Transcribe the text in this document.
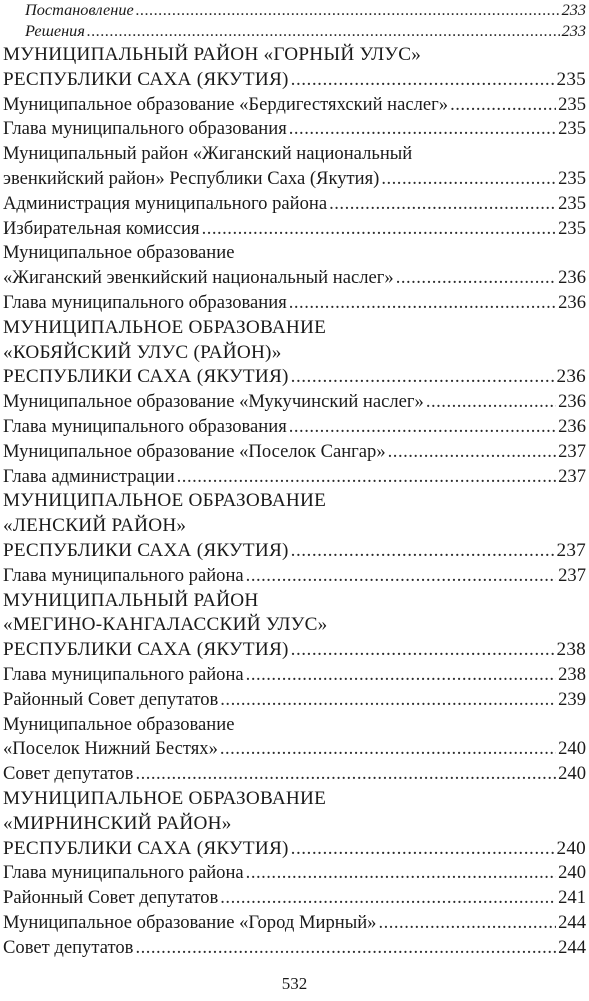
Постановление .....	233
Решения .....	233
МУНИЦИПАЛЬНЫЙ РАЙОН «ГОРНЫЙ УЛУС»
РЕСПУБЛИКИ САХА (ЯКУТИЯ) .....	235
Муниципальное образование «Бердигестяхский наслег» .....	235
Глава муниципального образования .....	235
Муниципальный район «Жиганский национальный
эвенкийский район» Республики Саха (Якутия) .....	235
Администрация муниципального района .....	235
Избирательная комиссия .....	235
Муниципальное образование
«Жиганский эвенкийский национальный наслег» .....	236
Глава муниципального образования .....	236
МУНИЦИПАЛЬНОЕ ОБРАЗОВАНИЕ
«КОБЯЙСКИЙ УЛУС (РАЙОН)»
РЕСПУБЛИКИ САХА (ЯКУТИЯ) .....	236
Муниципальное образование «Мукучинский наслег» .....	236
Глава муниципального образования .....	236
Муниципальное образование «Поселок Сангар» .....	237
Глава администрации .....	237
МУНИЦИПАЛЬНОЕ ОБРАЗОВАНИЕ
«ЛЕНСКИЙ РАЙОН»
РЕСПУБЛИКИ САХА (ЯКУТИЯ) .....	237
Глава муниципального района .....	237
МУНИЦИПАЛЬНЫЙ РАЙОН
«МЕГИНО-КАНГАЛАССКИЙ УЛУС»
РЕСПУБЛИКИ САХА (ЯКУТИЯ) .....	238
Глава муниципального района .....	238
Районный Совет депутатов .....	239
Муниципальное образование
«Поселок Нижний Бестях» .....	240
Совет депутатов .....	240
МУНИЦИПАЛЬНОЕ ОБРАЗОВАНИЕ
«МИРНИНСКИЙ РАЙОН»
РЕСПУБЛИКИ САХА (ЯКУТИЯ) .....	240
Глава муниципального района .....	240
Районный Совет депутатов .....	241
Муниципальное образование «Город Мирный» .....	244
Совет депутатов .....	244
532
